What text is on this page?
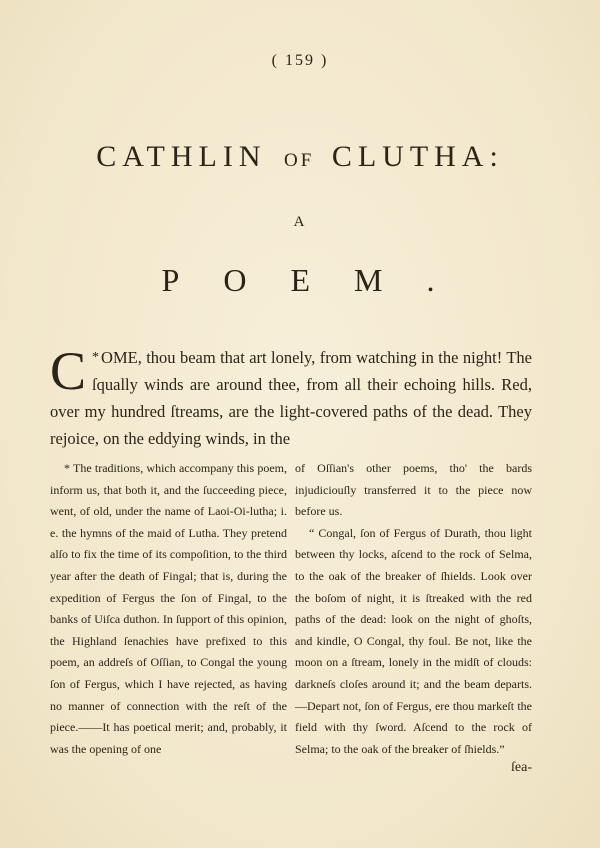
( 159 )
CATHLIN OF CLUTHA:
A
POEM.

*
C OME, thou beam that art lonely, from watching in the night! The ſqually winds are around thee, from all their echoing hills. Red, over my hundred ſtreams, are the light-covered paths of the dead. They rejoice, on the eddying winds, in the

* The traditions, which accompany this poem, inform us, that both it, and the ſucceeding piece, went, of old, under the name of Laoi-Oi-lutha; i. e. the hymns of the maid of Lutha. They pretend alſo to fix the time of its compoſition, to the third year after the death of Fingal; that is, during the expedition of Fergus the ſon of Fingal, to the banks of Uiſca duthon. In ſupport of this opinion, the Highland ſenachies have prefixed to this poem, an addreſs of Oſſian, to Congal the young ſon of Fergus, which I have rejected, as having no manner of connection with the reſt of the piece.——It has poetical merit; and, probably, it was the opening of one

of Oſſian's other poems, tho' the bards injudiciouſly transferred it to the piece now before us.

“ Congal, ſon of Fergus of Durath, thou light between thy locks, aſcend to the rock of Selma, to the oak of the breaker of ſhields. Look over the boſom of night, it is ſtreaked with the red paths of the dead: look on the night of ghoſts, and kindle, O Congal, thy foul. Be not, like the moon on a ſtream, lonely in the midſt of clouds: darkneſs cloſes around it; and the beam departs.—Depart not, ſon of Fergus, ere thou markeſt the field with thy ſword. Aſcend to the rock of Selma; to the oak of the breaker of ſhields.”

ſea-
